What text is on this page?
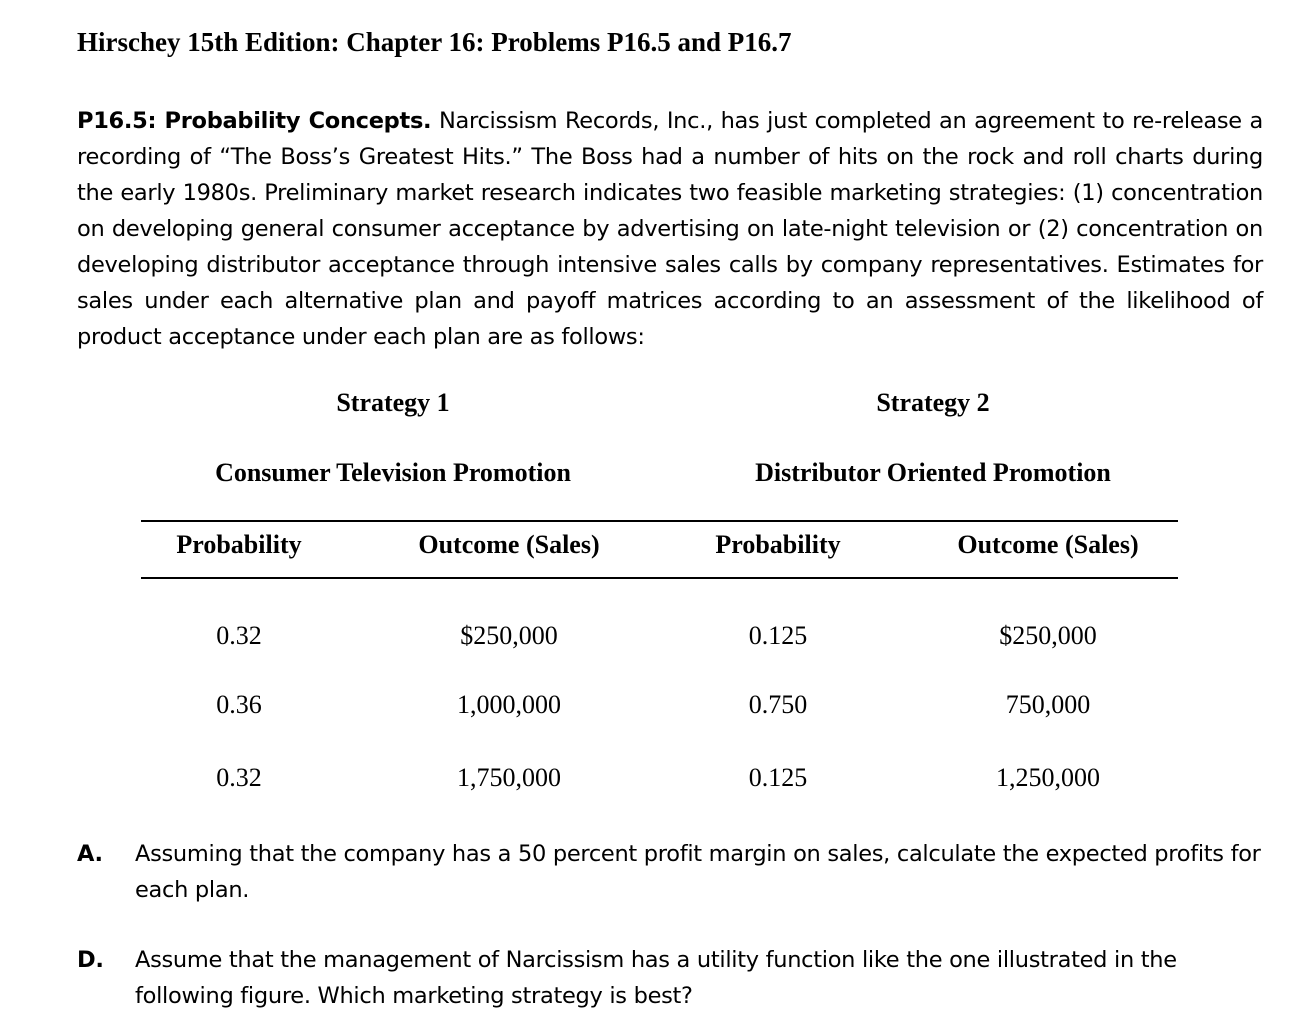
Hirschey 15th Edition: Chapter 16: Problems P16.5 and P16.7
P16.5: Probability Concepts. Narcissism Records, Inc., has just completed an agreement to re-release a recording of “The Boss’s Greatest Hits.” The Boss had a number of hits on the rock and roll charts during the early 1980s. Preliminary market research indicates two feasible marketing strategies: (1) concentration on developing general consumer acceptance by advertising on late-night television or (2) concentration on developing distributor acceptance through intensive sales calls by company representatives. Estimates for sales under each alternative plan and payoff matrices according to an assessment of the likelihood of product acceptance under each plan are as follows:
Strategy 1	Strategy 2
Consumer Television Promotion	Distributor Oriented Promotion
Probability	Outcome (Sales)	Probability	Outcome (Sales)
0.32	$250,000	0.125	$250,000
0.36	1,000,000	0.750	750,000
0.32	1,750,000	0.125	1,250,000
A. Assuming that the company has a 50 percent profit margin on sales, calculate the expected profits for each plan.
D. Assume that the management of Narcissism has a utility function like the one illustrated in the following figure. Which marketing strategy is best?
